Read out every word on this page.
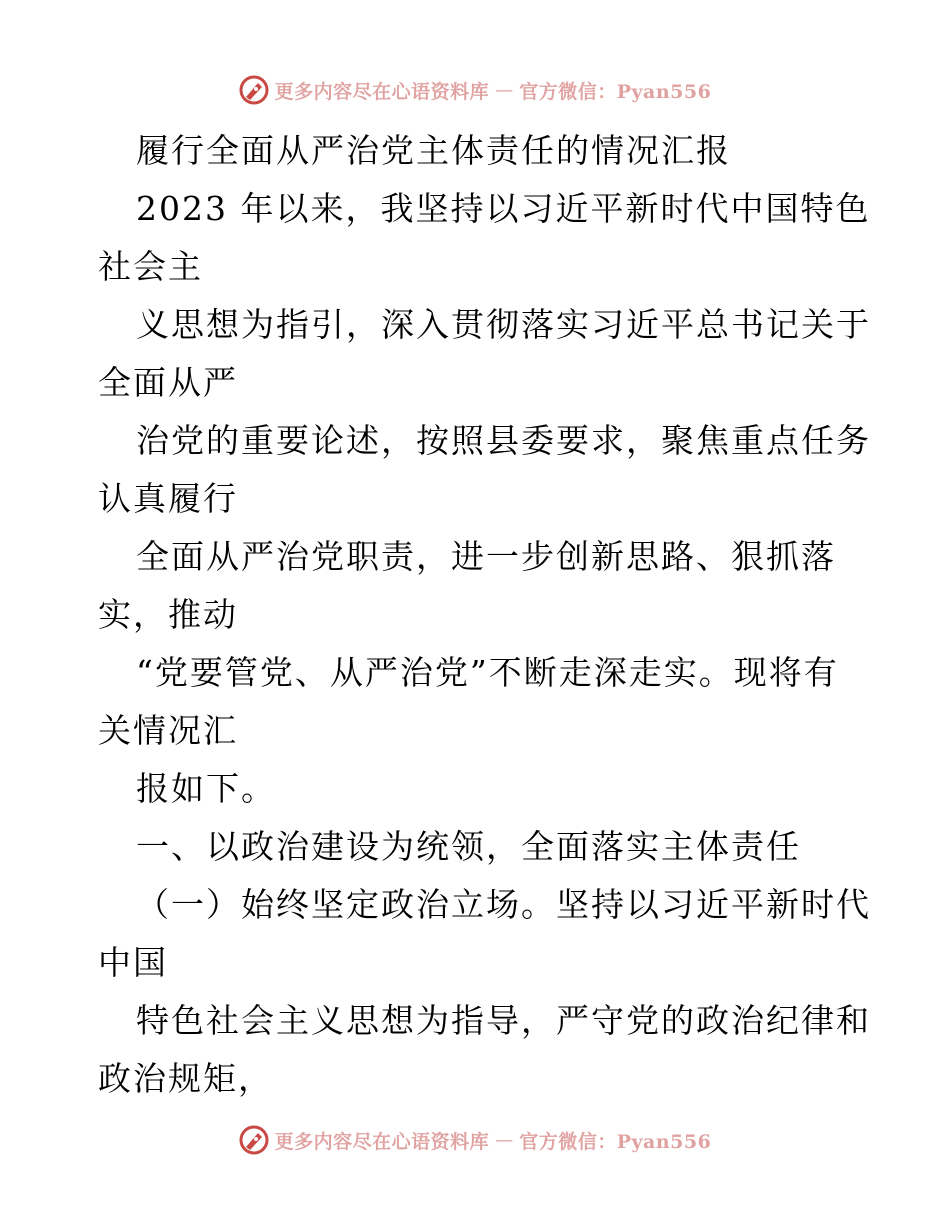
更多内容尽在心语资料库 — 官方微信：Pyan556
履行全面从严治党主体责任的情况汇报
2023 年以来，我坚持以习近平新时代中国特色
社会主
义思想为指引，深入贯彻落实习近平总书记关于
全面从严
治党的重要论述，按照县委要求，聚焦重点任务
认真履行
全面从严治党职责，进一步创新思路、狠抓落
实，推动
“党要管党、从严治党”不断走深走实。现将有
关情况汇
报如下。
一、以政治建设为统领，全面落实主体责任
（一）始终坚定政治立场。坚持以习近平新时代
中国
特色社会主义思想为指导，严守党的政治纪律和
政治规矩，
更多内容尽在心语资料库 — 官方微信：Pyan556
